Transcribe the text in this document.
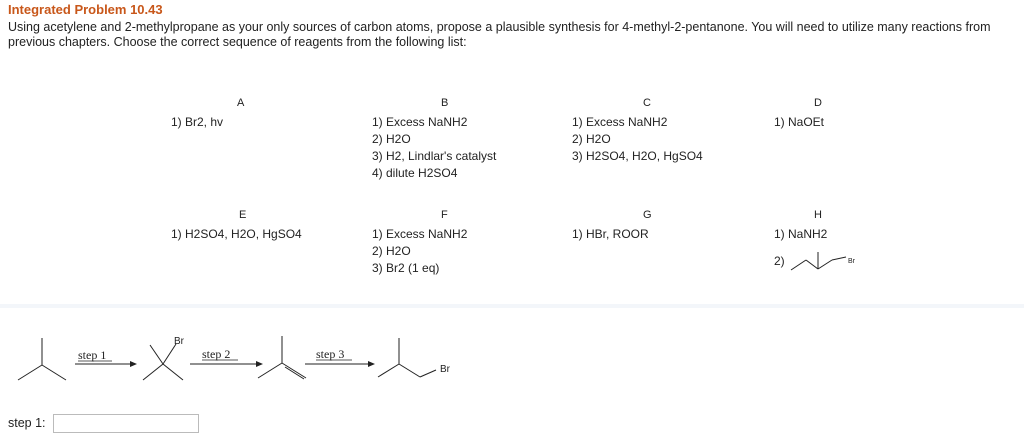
Integrated Problem 10.43
Using acetylene and 2-methylpropane as your only sources of carbon atoms, propose a plausible synthesis for 4-methyl-2-pentanone. You will need to utilize many reactions from previous chapters. Choose the correct sequence of reagents from the following list:
A
1) Br2, hv
B
1) Excess NaNH2
2) H2O
3) H2, Lindlar's catalyst
4) dilute H2SO4
C
1) Excess NaNH2
2) H2O
3) H2SO4, H2O, HgSO4
D
1) NaOEt
E
1) H2SO4, H2O, HgSO4
F
1) Excess NaNH2
2) H2O
3) Br2 (1 eq)
G
1) HBr, ROOR
H
1) NaNH2
2)	Br
step 1	step 2	step 3
Br
Br
step 1:
